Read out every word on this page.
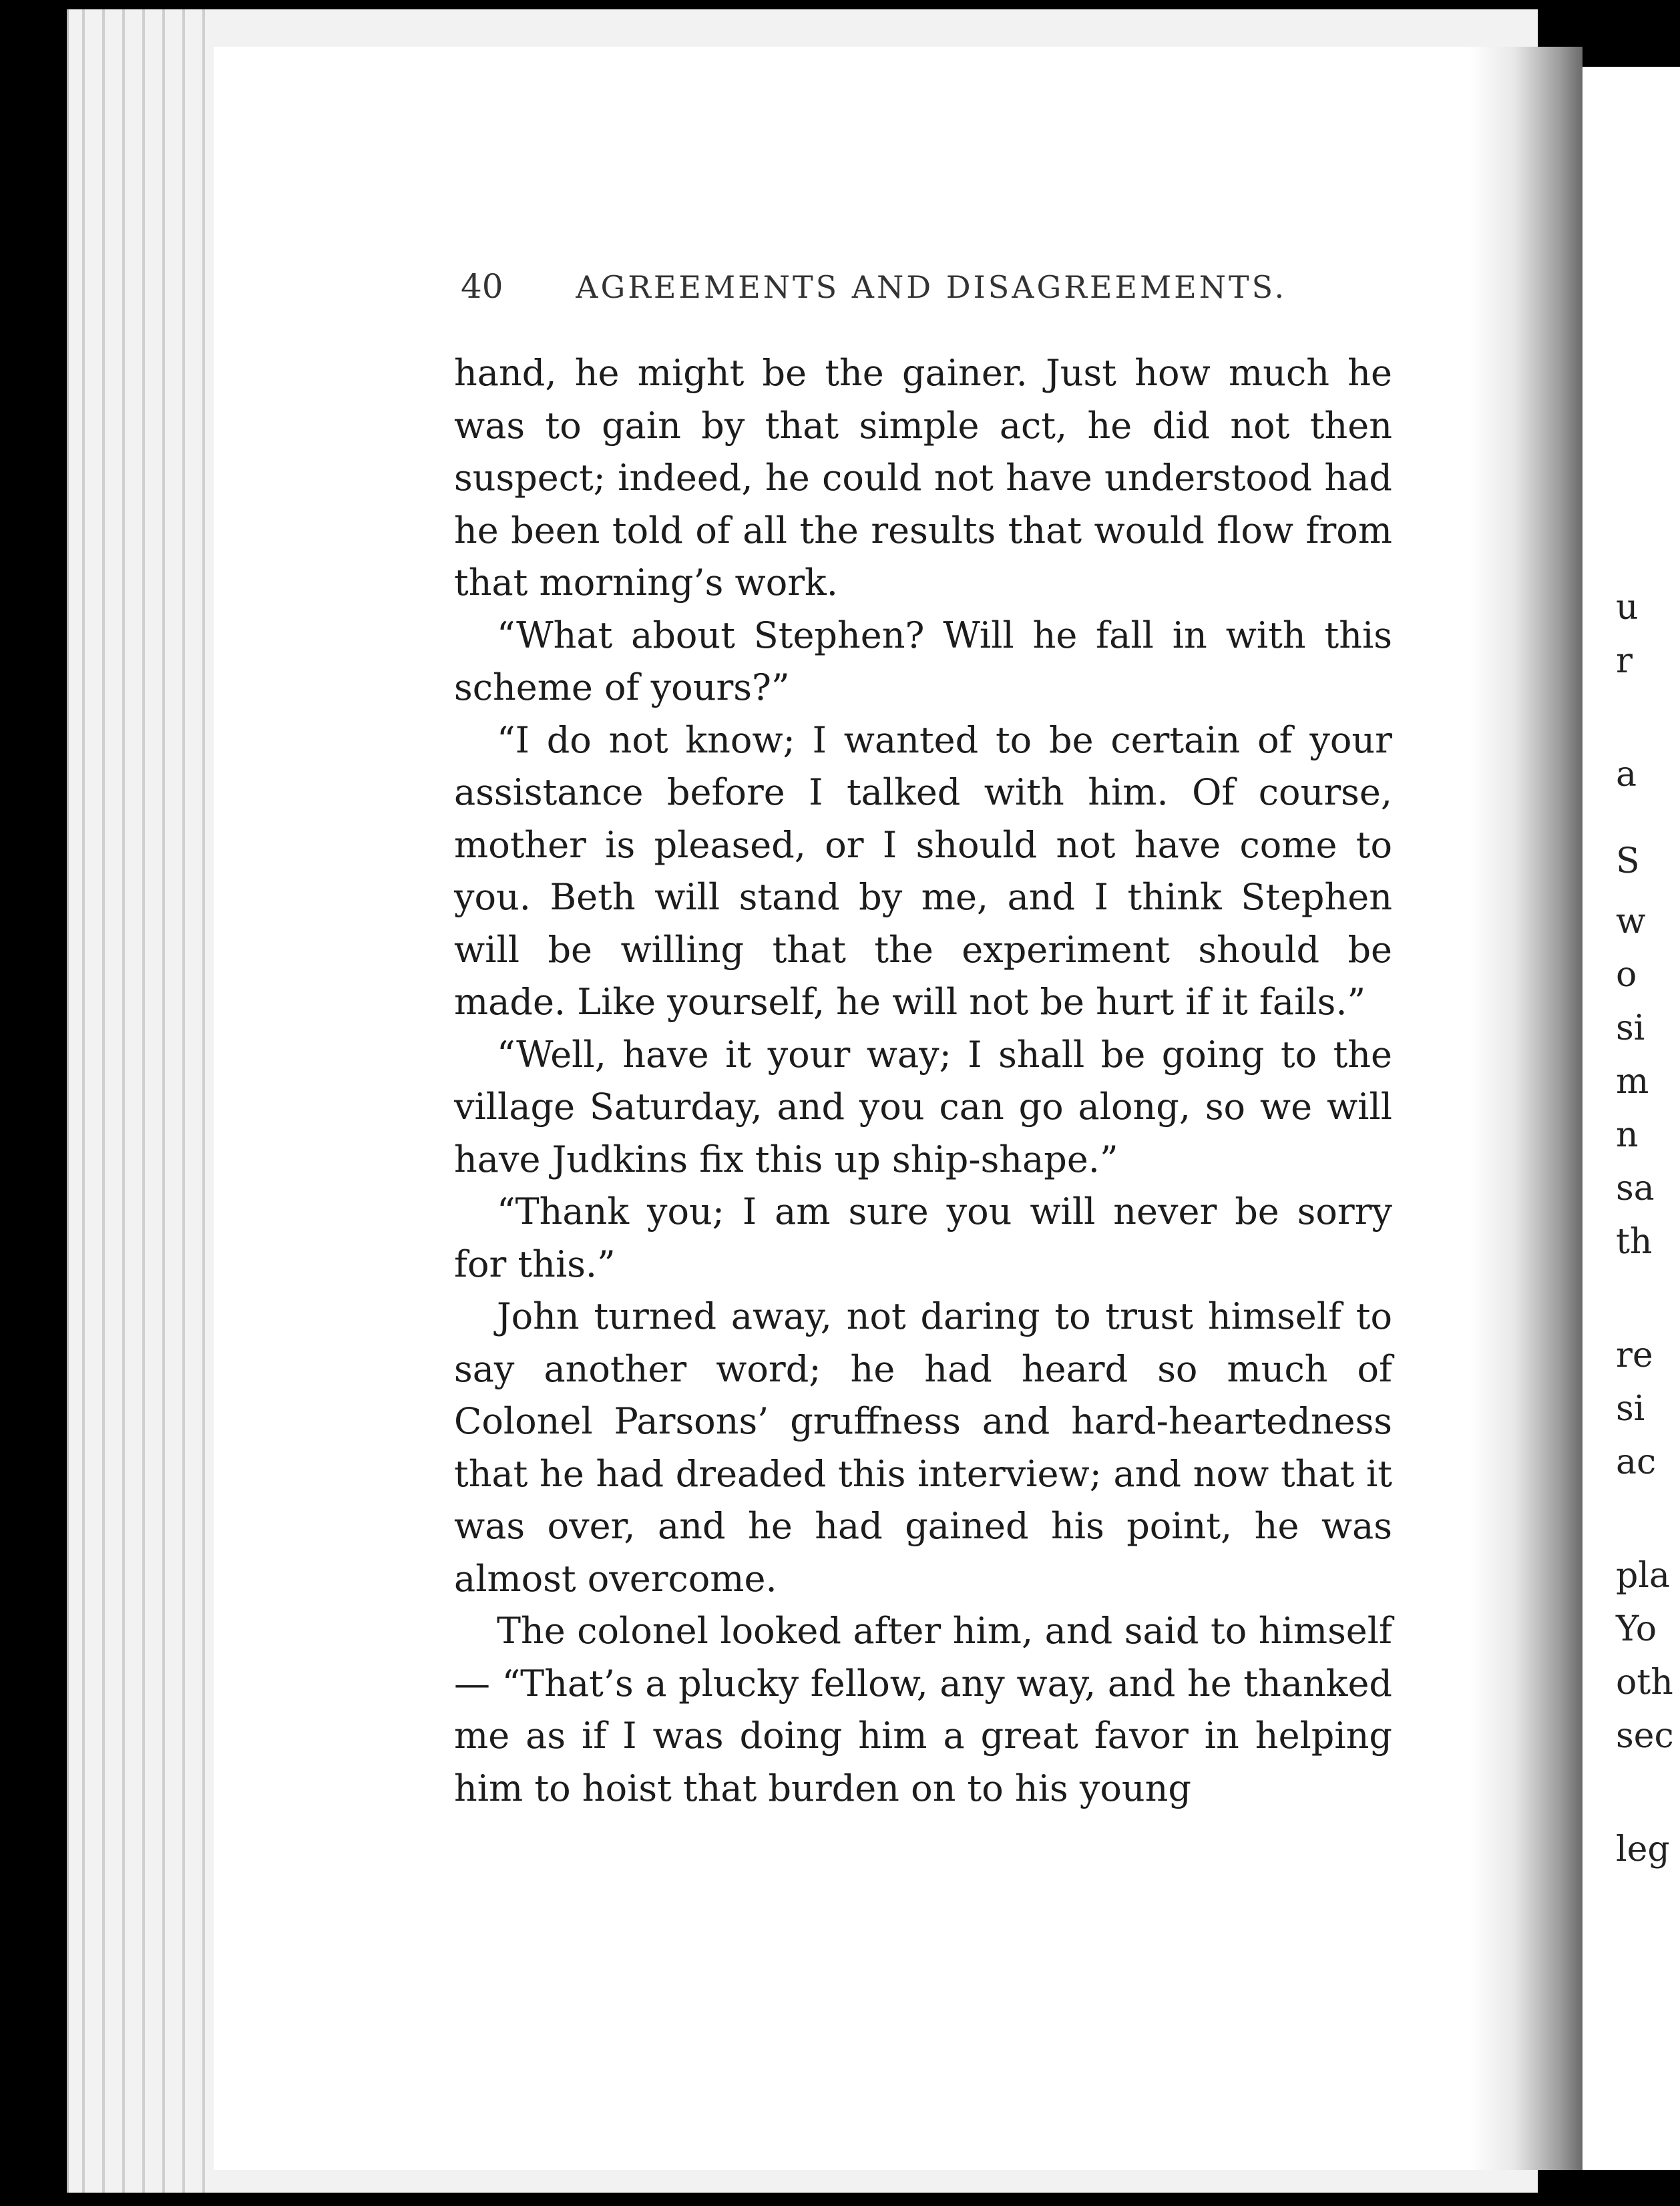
u
r
a
S
w
o
si
m
n
sa
th
re
si
ac
pla
Yo
oth
sec
leg
40 AGREEMENTS AND DISAGREEMENTS.

hand, he might be the gainer. Just how much he was to gain by that simple act, he did not then suspect; indeed, he could not have understood had he been told of all the results that would flow from that morning’s work.

“What about Stephen? Will he fall in with this scheme of yours?”

“I do not know; I wanted to be certain of your assistance before I talked with him. Of course, mother is pleased, or I should not have come to you. Beth will stand by me, and I think Stephen will be willing that the experiment should be made. Like yourself, he will not be hurt if it fails.”

“Well, have it your way; I shall be going to the village Saturday, and you can go along, so we will have Judkins fix this up ship-shape.”

“Thank you; I am sure you will never be sorry for this.”

John turned away, not daring to trust himself to say another word; he had heard so much of Colonel Parsons’ gruffness and hard-heartedness that he had dreaded this interview; and now that it was over, and he had gained his point, he was almost overcome.

The colonel looked after him, and said to himself — “That’s a plucky fellow, any way, and he thanked me as if I was doing him a great favor in helping him to hoist that burden on to his young
